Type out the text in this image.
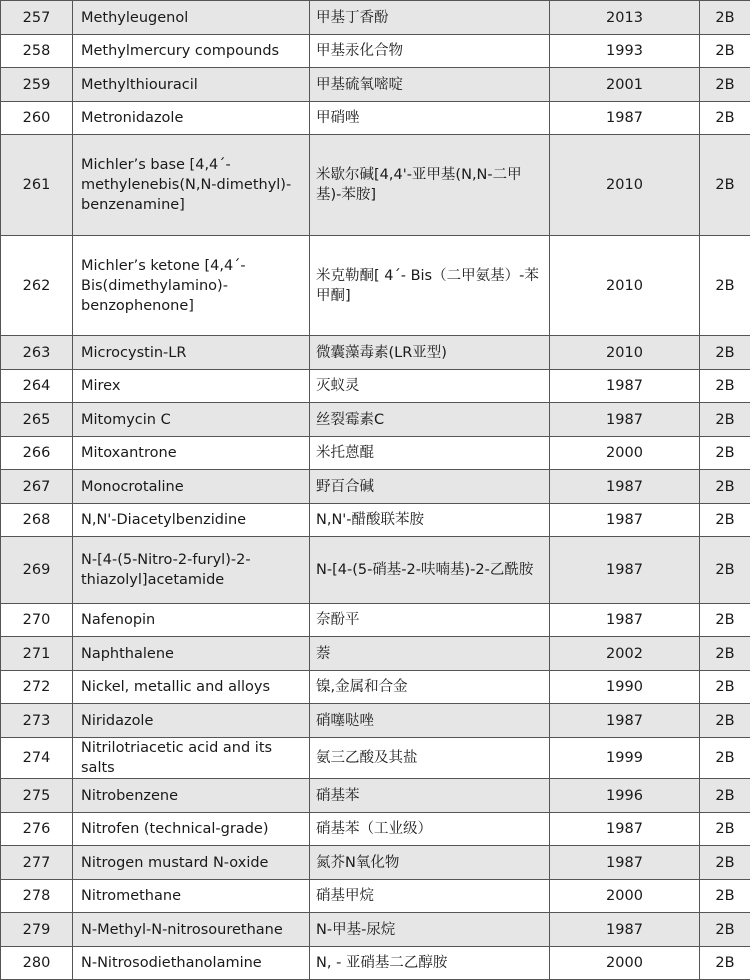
257	Methyleugenol	甲基丁香酚	2013	2B
258	Methylmercury compounds	甲基汞化合物	1993	2B
259	Methylthiouracil	甲基硫氧嘧啶	2001	2B
260	Metronidazole	甲硝唑	1987	2B
261	Michler’s base [4,4´-methylenebis(N,N-dimethyl)-benzenamine]	米歇尔碱[4,4'-亚甲基(N,N-二甲基)-苯胺]	2010	2B
262	Michler’s ketone [4,4´-Bis(dimethylamino)-benzophenone]	米克勒酮[ 4´- Bis（二甲氨基）-苯甲酮]	2010	2B
263	Microcystin-LR	微囊藻毒素(LR亚型)	2010	2B
264	Mirex	灭蚁灵	1987	2B
265	Mitomycin C	丝裂霉素C	1987	2B
266	Mitoxantrone	米托蒽醌	2000	2B
267	Monocrotaline	野百合碱	1987	2B
268	N,N'-Diacetylbenzidine	N,N'-醋酸联苯胺	1987	2B
269	N-[4-(5-Nitro-2-furyl)-2-thiazolyl]acetamide	N-[4-(5-硝基-2-呋喃基)-2-乙酰胺	1987	2B
270	Nafenopin	奈酚平	1987	2B
271	Naphthalene	萘	2002	2B
272	Nickel, metallic and alloys	镍,金属和合金	1990	2B
273	Niridazole	硝噻哒唑	1987	2B
274	Nitrilotriacetic acid and its salts	氨三乙酸及其盐	1999	2B
275	Nitrobenzene	硝基苯	1996	2B
276	Nitrofen (technical-grade)	硝基苯（工业级）	1987	2B
277	Nitrogen mustard N-oxide	氮芥N氧化物	1987	2B
278	Nitromethane	硝基甲烷	2000	2B
279	N-Methyl-N-nitrosourethane	N-甲基-尿烷	1987	2B
280	N-Nitrosodiethanolamine	N, - 亚硝基二乙醇胺	2000	2B
